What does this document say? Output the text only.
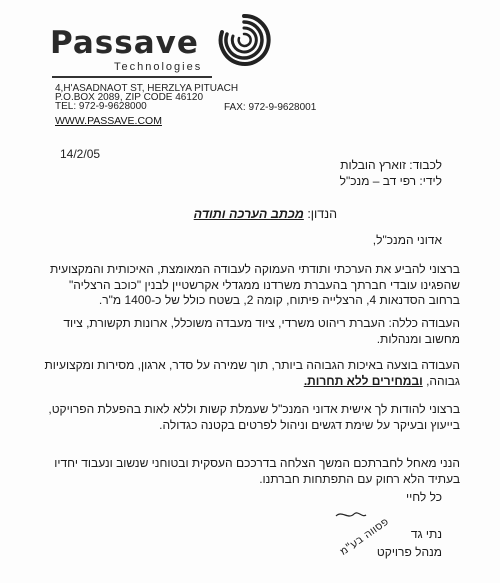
Passave
Technologies
4,H'ASADNAOT ST, HERZLYA PITUACH
P.O.BOX 2089, ZIP CODE 46120
TEL: 972-9-9628000	FAX: 972-9-9628001
WWW.PASSAVE.COM
14/2/05
לכבוד: זוארץ הובלות
לידי: רפי דב – מנכ"ל
הנדון: מכתב הערכה ותודה
אדוני המנכ"ל,
ברצוני להביע את הערכתי ותודתי העמוקה לעבודה המאומצת, האיכותית והמקצועית שהפגינו עובדי חברתך בהעברת משרדנו ממגדלי אקרשטיין לבנין "כוכב הרצליה" ברחוב הסדנאות 4, הרצלייה פיתוח, קומה 2, בשטח כולל של כ-1400 מ"ר.
העבודה כללה: העברת ריהוט משרדי, ציוד מעבדה משוכלל, ארונות תקשורת, ציוד מחשוב ומנהלות.
העבודה בוצעה באיכות הגבוהה ביותר, תוך שמירה על סדר, ארגון, מסירות ומקצועיות גבוהה, ובמחירים ללא תחרות.
ברצוני להודות לך אישית אדוני המנכ"ל שעמלת קשות וללא לאות בהפעלת הפרויקט, בייעוץ ובעיקר על שימת דגשים וניהול לפרטים בקטנה כגדולה.
הנני מאחל לחברתכם המשך הצלחה בדרככם העסקית ובטוחני שנשוב ונעבוד יחדיו בעתיד הלא רחוק עם התפתחות חברתנו.
כל לחיי
נתי גד
מנהל פרויקט
פסווה בע"מ
